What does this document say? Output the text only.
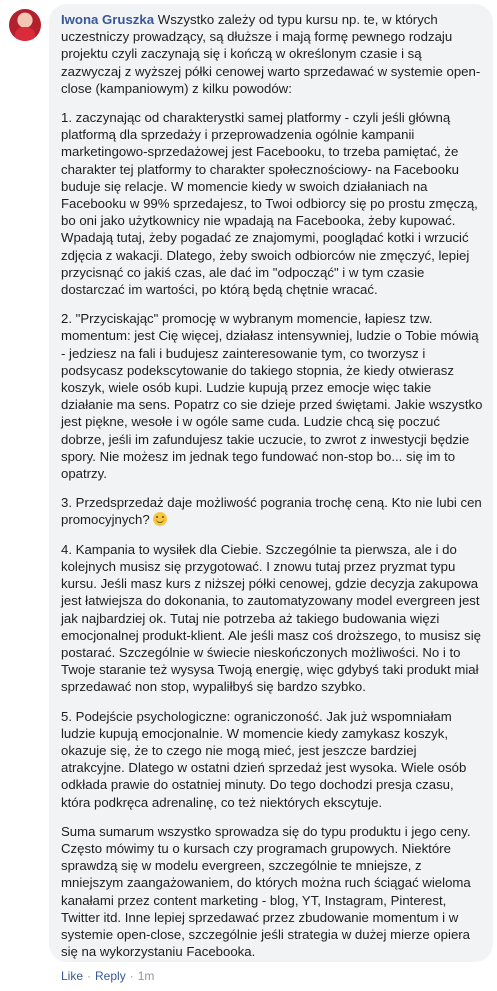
Iwona Gruszka Wszystko zależy od typu kursu np. te, w których uczestniczy prowadzący, są dłuższe i mają formę pewnego rodzaju projektu czyli zaczynają się i kończą w określonym czasie i są zazwyczaj z wyższej półki cenowej warto sprzedawać w systemie open-close (kampaniowym) z kilku powodów:

1. zaczynając od charakterystki samej platformy - czyli jeśli główną platformą dla sprzedaży i przeprowadzenia ogólnie kampanii marketingowo-sprzedażowej jest Facebooku, to trzeba pamiętać, że charakter tej platformy to charakter społecznościowy- na Facebooku buduje się relacje. W momencie kiedy w swoich działaniach na Facebooku w 99% sprzedajesz, to Twoi odbiorcy się po prostu zmęczą, bo oni jako użytkownicy nie wpadają na Facebooka, żeby kupować. Wpadają tutaj, żeby pogadać ze znajomymi, pooglądać kotki i wrzucić zdjęcia z wakacji. Dlatego, żeby swoich odbiorców nie zmęczyć, lepiej przycisnąć co jakiś czas, ale dać im "odpocząć" i w tym czasie dostarczać im wartości, po którą będą chętnie wracać.

2. "Przyciskając" promocję w wybranym momencie, łapiesz tzw. momentum: jest Cię więcej, działasz intensywniej, ludzie o Tobie mówią - jedziesz na fali i budujesz zainteresowanie tym, co tworzysz i podsycasz podekscytowanie do takiego stopnia, że kiedy otwierasz koszyk, wiele osób kupi. Ludzie kupują przez emocje więc takie działanie ma sens. Popatrz co sie dzieje przed świętami. Jakie wszystko jest piękne, wesołe i w ogóle same cuda. Ludzie chcą się poczuć dobrze, jeśli im zafundujesz takie uczucie, to zwrot z inwestycji będzie spory. Nie możesz im jednak tego fundować non-stop bo... się im to opatrzy.

3. Przedsprzedaż daje możliwość pogrania trochę ceną. Kto nie lubi cen promocyjnych?

4. Kampania to wysiłek dla Ciebie. Szczególnie ta pierwsza, ale i do kolejnych musisz się przygotować. I znowu tutaj przez pryzmat typu kursu. Jeśli masz kurs z niższej półki cenowej, gdzie decyzja zakupowa jest łatwiejsza do dokonania, to zautomatyzowany model evergreen jest jak najbardziej ok. Tutaj nie potrzeba aż takiego budowania więzi emocjonalnej produkt-klient. Ale jeśli masz coś droższego, to musisz się postarać. Szczególnie w świecie nieskończonych możliwości. No i to Twoje staranie też wysysa Twoją energię, więc gdybyś taki produkt miał sprzedawać non stop, wypaliłbyś się bardzo szybko.

5. Podejście psychologiczne: ograniczoność. Jak już wspomniałam ludzie kupują emocjonalnie. W momencie kiedy zamykasz koszyk, okazuje się, że to czego nie mogą mieć, jest jeszcze bardziej atrakcyjne. Dlatego w ostatni dzień sprzedaż jest wysoka. Wiele osób odkłada prawie do ostatniej minuty. Do tego dochodzi presja czasu, która podkręca adrenalinę, co też niektórych ekscytuje.

Suma sumarum wszystko sprowadza się do typu produktu i jego ceny. Często mówimy tu o kursach czy programach grupowych. Niektóre sprawdzą się w modelu evergreen, szczególnie te mniejsze, z mniejszym zaangażowaniem, do których można ruch ściągać wieloma kanałami przez content marketing - blog, YT, Instagram, Pinterest, Twitter itd. Inne lepiej sprzedawać przez zbudowanie momentum i w systemie open-close, szczególnie jeśli strategia w dużej mierze opiera się na wykorzystaniu Facebooka.

Like · Reply · 1m
